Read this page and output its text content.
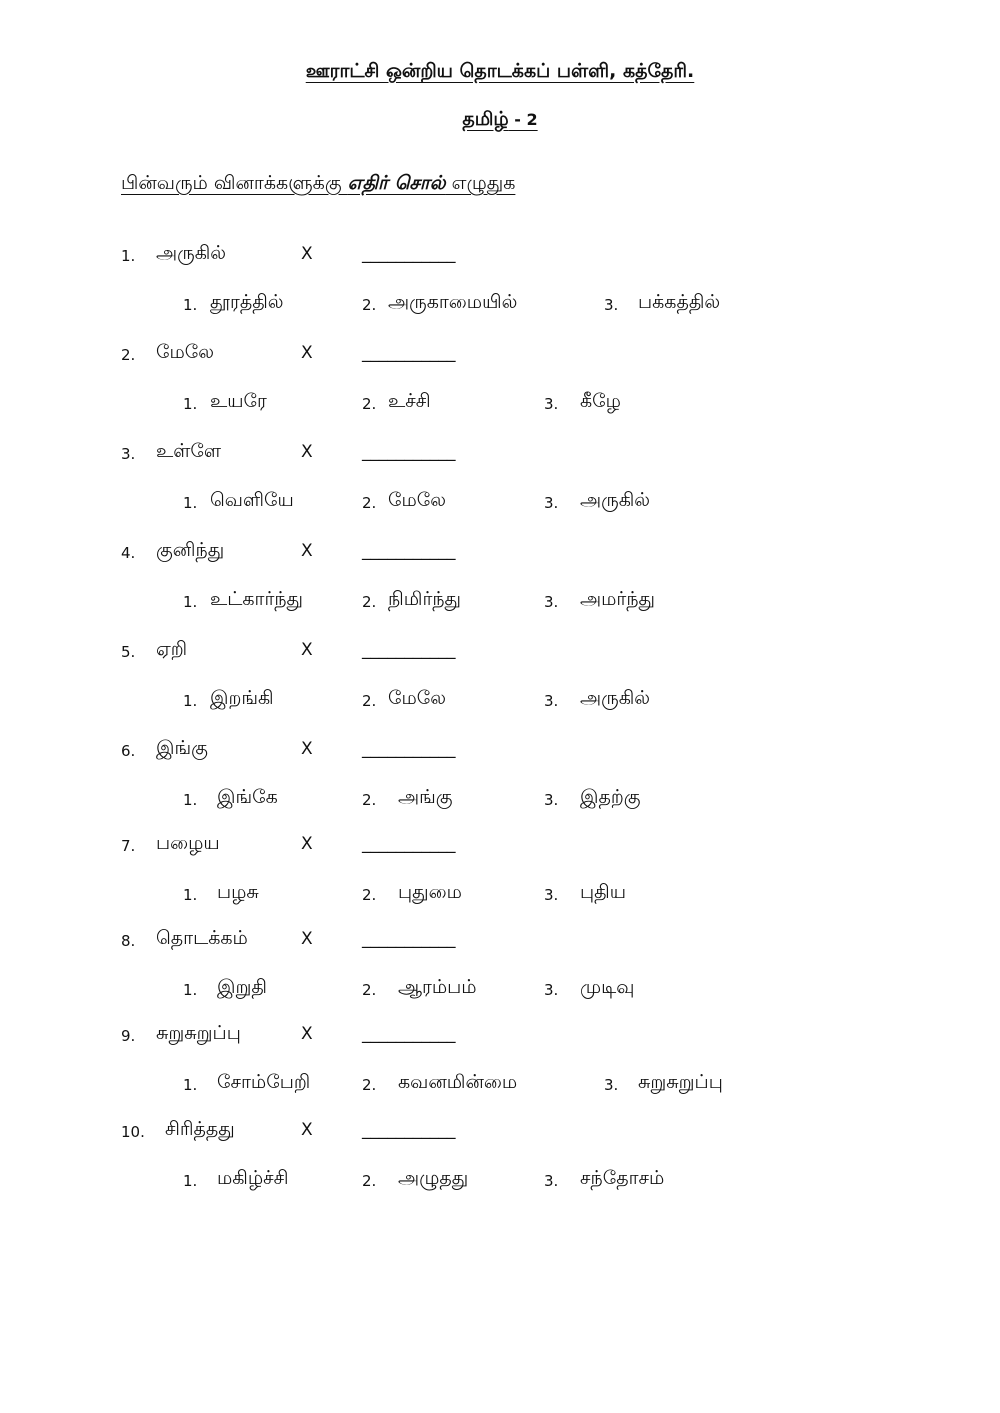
ஊராட்சி ஒன்றிய தொடக்கப் பள்ளி, கத்தேரி.
தமிழ் - 2
பின்வரும் வினாக்களுக்கு எதிர் சொல் எழுதுக
1. அருகில்	X	___________
1. தூரத்தில்	2. அருகாமையில்	3. பக்கத்தில்
2. மேலே	X	___________
1. உயரே	2. உச்சி	3. கீழே
3. உள்ளே	X	___________
1. வெளியே	2. மேலே	3. அருகில்
4. குனிந்து	X	___________
1. உட்கார்ந்து	2. நிமிர்ந்து	3. அமர்ந்து
5. ஏறி	X	___________
1. இறங்கி	2. மேலே	3. அருகில்
6. இங்கு	X	___________
1. இங்கே	2. அங்கு	3. இதற்கு
7. பழைய	X	___________
1. பழசு	2. புதுமை	3. புதிய
8. தொடக்கம்	X	___________
1. இறுதி	2. ஆரம்பம்	3. முடிவு
9. சுறுசுறுப்பு	X	___________
1. சோம்பேறி	2. கவனமின்மை	3. சுறுசுறுப்பு
10. சிரித்தது	X	___________
1. மகிழ்ச்சி	2. அழுதது	3. சந்தோசம்
